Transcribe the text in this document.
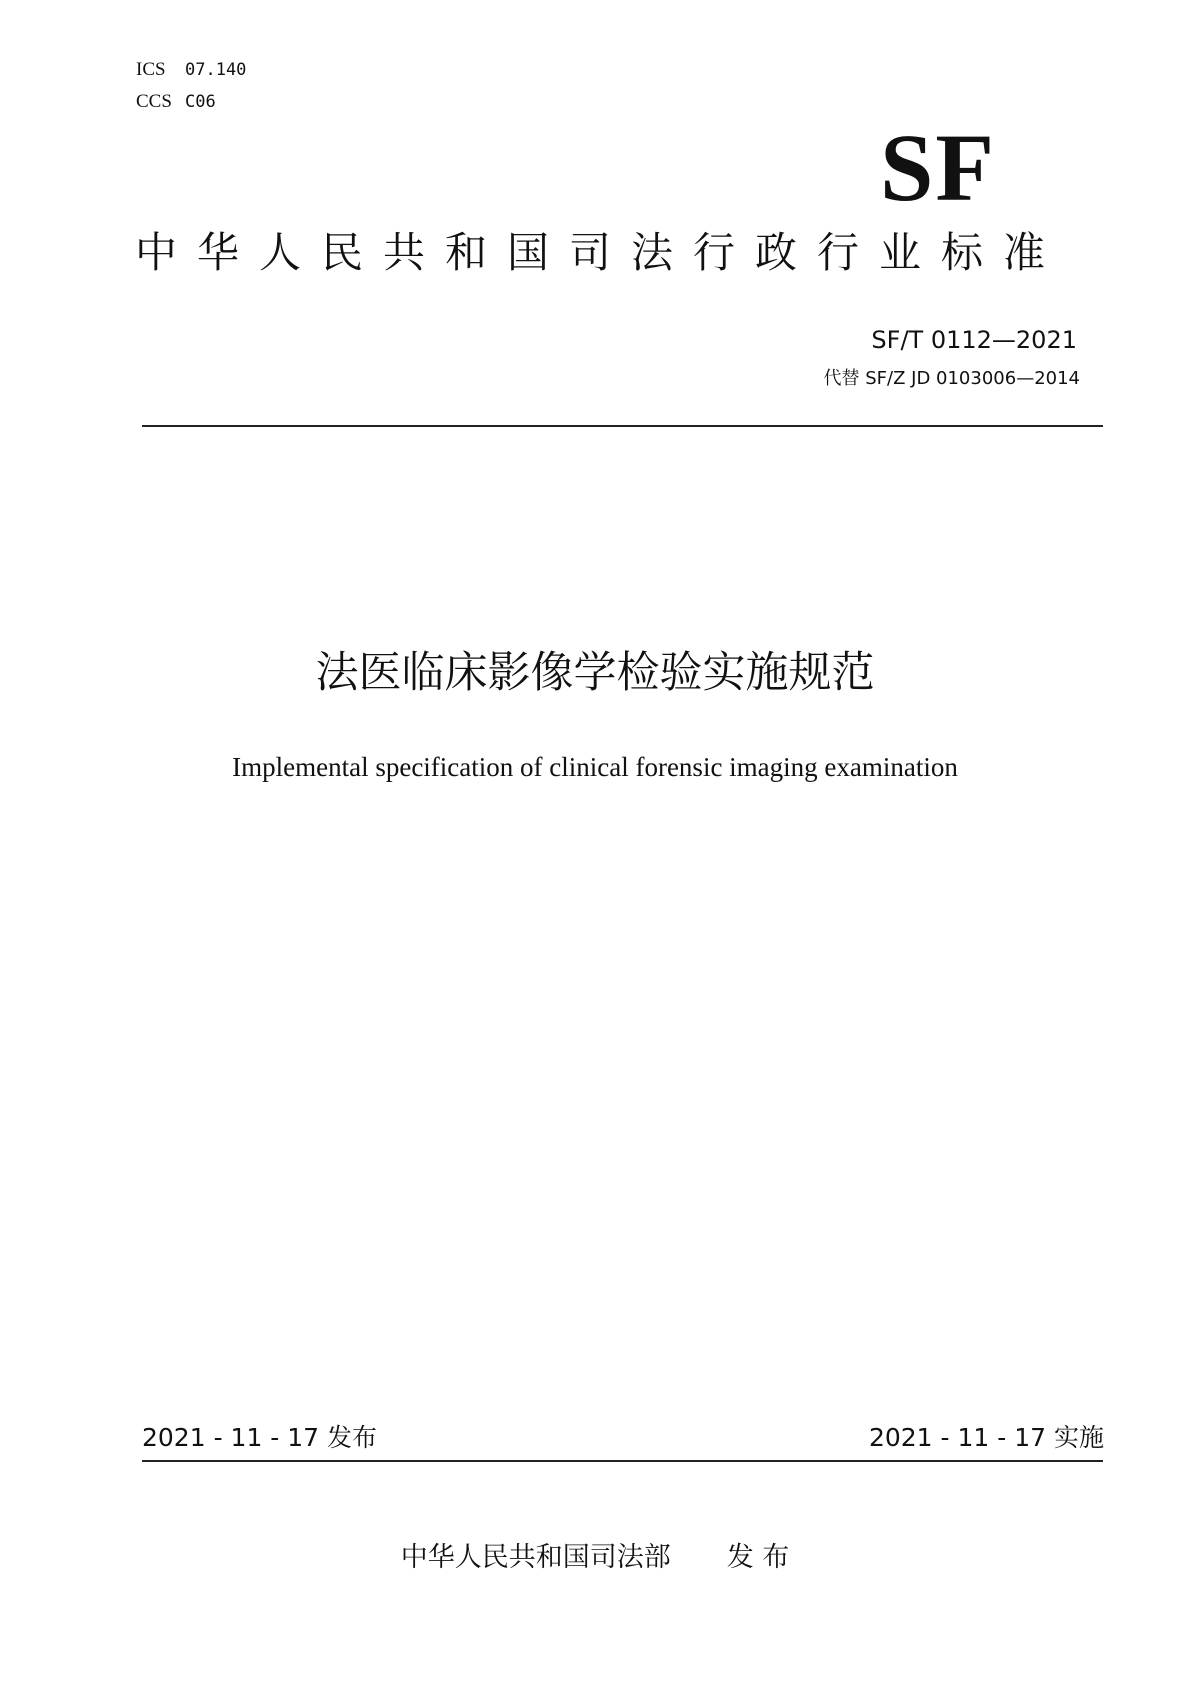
ICS 07.140
CCS C06
SF
中华人民共和国司法行政行业标准
SF/T 0112—2021
代替 SF/Z JD 0103006—2014
法医临床影像学检验实施规范
Implemental specification of clinical forensic imaging examination
2021 - 11 - 17 发布	2021 - 11 - 17 实施
中华人民共和国司法部 发 布
